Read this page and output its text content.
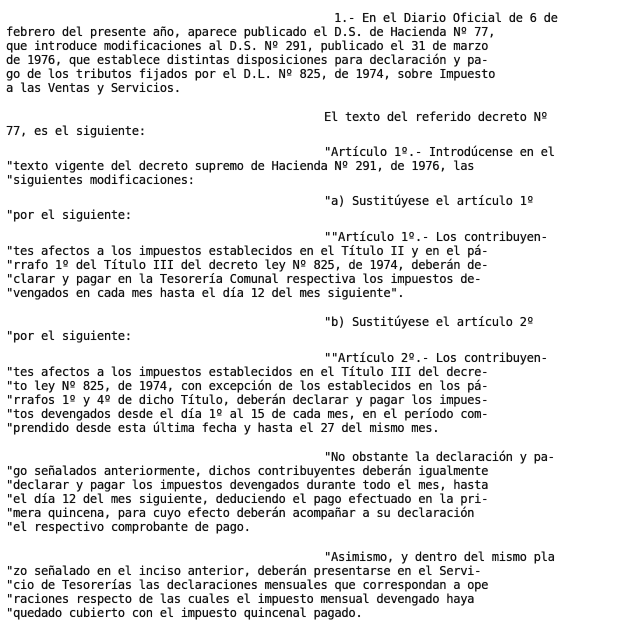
1.- En el Diario Oficial de 6 de
febrero del presente año, aparece publicado el D.S. de Hacienda Nº 77,
que introduce modificaciones al D.S. Nº 291, publicado el 31 de marzo
de 1976, que establece distintas disposiciones para declaración y pa-
go de los tributos fijados por el D.L. Nº 825, de 1974, sobre Impuesto
a las Ventas y Servicios.
El texto del referido decreto Nº
77, es el siguiente:
"Artículo 1º.- Introdúcense en el
"texto vigente del decreto supremo de Hacienda Nº 291, de 1976, las
"siguientes modificaciones:
"a) Sustitúyese el artículo 1º
"por el siguiente:
""Artículo 1º.- Los contribuyen-
"tes afectos a los impuestos establecidos en el Título II y en el pá-
"rrafo 1º del Título III del decreto ley Nº 825, de 1974, deberán de-
"clarar y pagar en la Tesorería Comunal respectiva los impuestos de-
"vengados en cada mes hasta el día 12 del mes siguiente".
"b) Sustitúyese el artículo 2º
"por el siguiente:
""Artículo 2º.- Los contribuyen-
"tes afectos a los impuestos establecidos en el Título III del decre-
"to ley Nº 825, de 1974, con excepción de los establecidos en los pá-
"rrafos 1º y 4º de dicho Título, deberán declarar y pagar los impues-
"tos devengados desde el día 1º al 15 de cada mes, en el período com-
"prendido desde esta última fecha y hasta el 27 del mismo mes.
"No obstante la declaración y pa-
"go señalados anteriormente, dichos contribuyentes deberán igualmente
"declarar y pagar los impuestos devengados durante todo el mes, hasta
"el día 12 del mes siguiente, deduciendo el pago efectuado en la pri-
"mera quincena, para cuyo efecto deberán acompañar a su declaración
"el respectivo comprobante de pago.
"Asimismo, y dentro del mismo pla
"zo señalado en el inciso anterior, deberán presentarse en el Servi-
"cio de Tesorerías las declaraciones mensuales que correspondan a ope
"raciones respecto de las cuales el impuesto mensual devengado haya
"quedado cubierto con el impuesto quincenal pagado.
